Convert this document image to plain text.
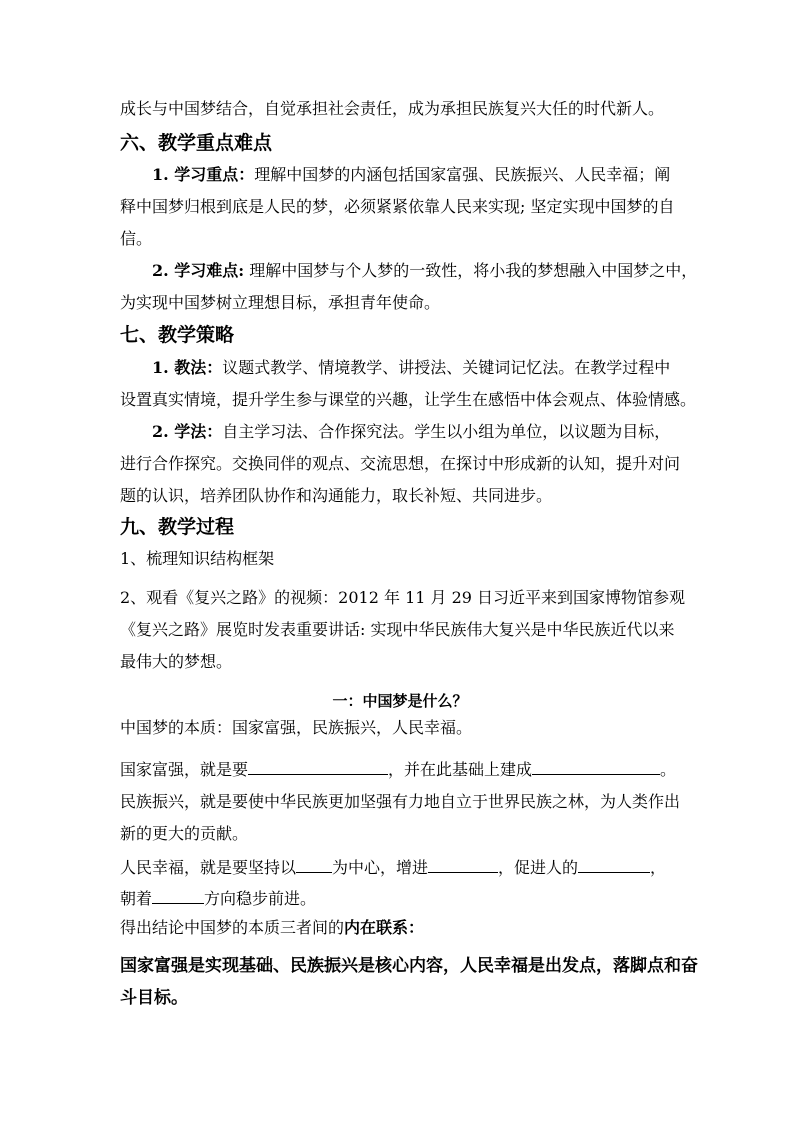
成长与中国梦结合，自觉承担社会责任，成为承担民族复兴大任的时代新人。
六、教学重点难点
1. 学习重点：理解中国梦的内涵包括国家富强、民族振兴、人民幸福；阐
释中国梦归根到底是人民的梦，必须紧紧依靠人民来实现; 坚定实现中国梦的自
信。
2. 学习难点: 理解中国梦与个人梦的一致性，将小我的梦想融入中国梦之中，
为实现中国梦树立理想目标，承担青年使命。
七、教学策略
1. 教法：议题式教学、情境教学、讲授法、关键词记忆法。在教学过程中
设置真实情境，提升学生参与课堂的兴趣，让学生在感悟中体会观点、体验情感。
2. 学法：自主学习法、合作探究法。学生以小组为单位，以议题为目标，
进行合作探究。交换同伴的观点、交流思想，在探讨中形成新的认知，提升对问
题的认识，培养团队协作和沟通能力，取长补短、共同进步。
九、教学过程
1、梳理知识结构框架
2、观看《复兴之路》的视频：2012 年 11 月 29 日习近平来到国家博物馆参观
《复兴之路》展览时发表重要讲话: 实现中华民族伟大复兴是中华民族近代以来
最伟大的梦想。
一：中国梦是什么？
中国梦的本质：国家富强，民族振兴，人民幸福。
国家富强，就是要	，并在此基础上建成	。
民族振兴，就是要使中华民族更加坚强有力地自立于世界民族之林，为人类作出
新的更大的贡献。
人民幸福，就是要坚持以 为中心，增进	，促进人的	，
朝着	方向稳步前进。
得出结论中国梦的本质三者间的内在联系：
国家富强是实现基础、民族振兴是核心内容，人民幸福是出发点，落脚点和奋
斗目标。
